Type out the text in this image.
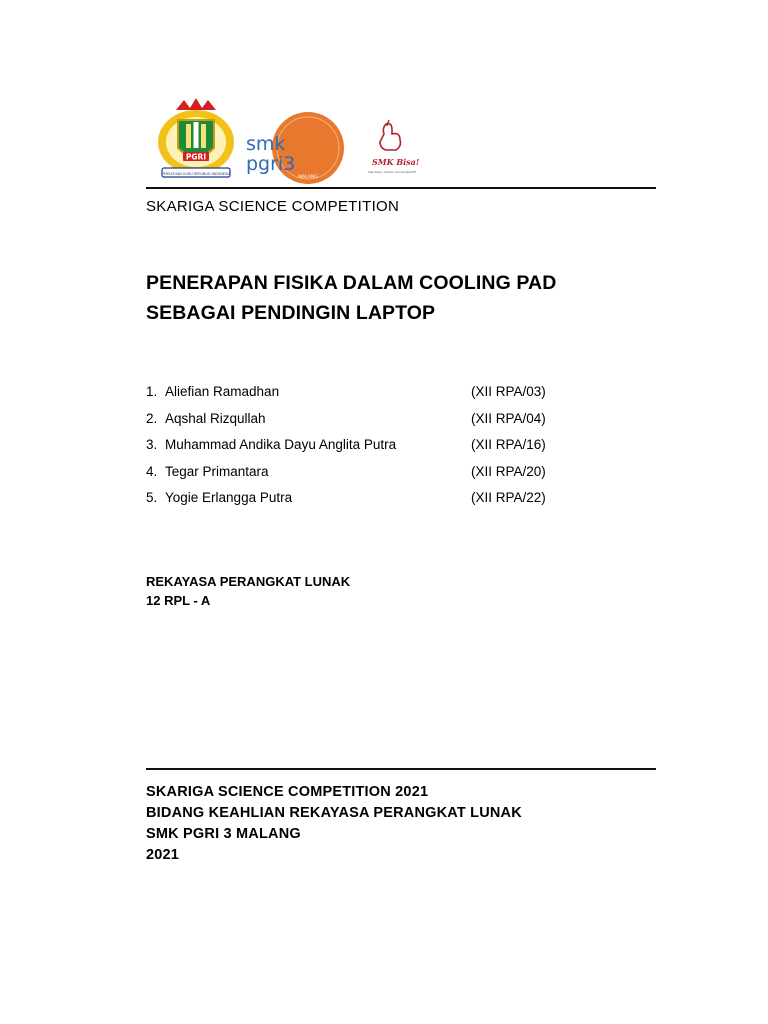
PGRI
PERSATUAN GURU REPUBLIK INDONESIA
smk
pgri3
MALANG
SMK Bisa!
Siap Kerja, Cerdas, dan Kompetitif
SKARIGA SCIENCE COMPETITION
PENERAPAN FISIKA DALAM COOLING PAD
SEBAGAI PENDINGIN LAPTOP
1. Aliefian Ramadhan	(XII RPA/03)
2. Aqshal Rizqullah	(XII RPA/04)
3. Muhammad Andika Dayu Anglita Putra	(XII RPA/16)
4. Tegar Primantara	(XII RPA/20)
5. Yogie Erlangga Putra	(XII RPA/22)
REKAYASA PERANGKAT LUNAK
12 RPL - A
SKARIGA SCIENCE COMPETITION 2021
BIDANG KEAHLIAN REKAYASA PERANGKAT LUNAK
SMK PGRI 3 MALANG
2021
